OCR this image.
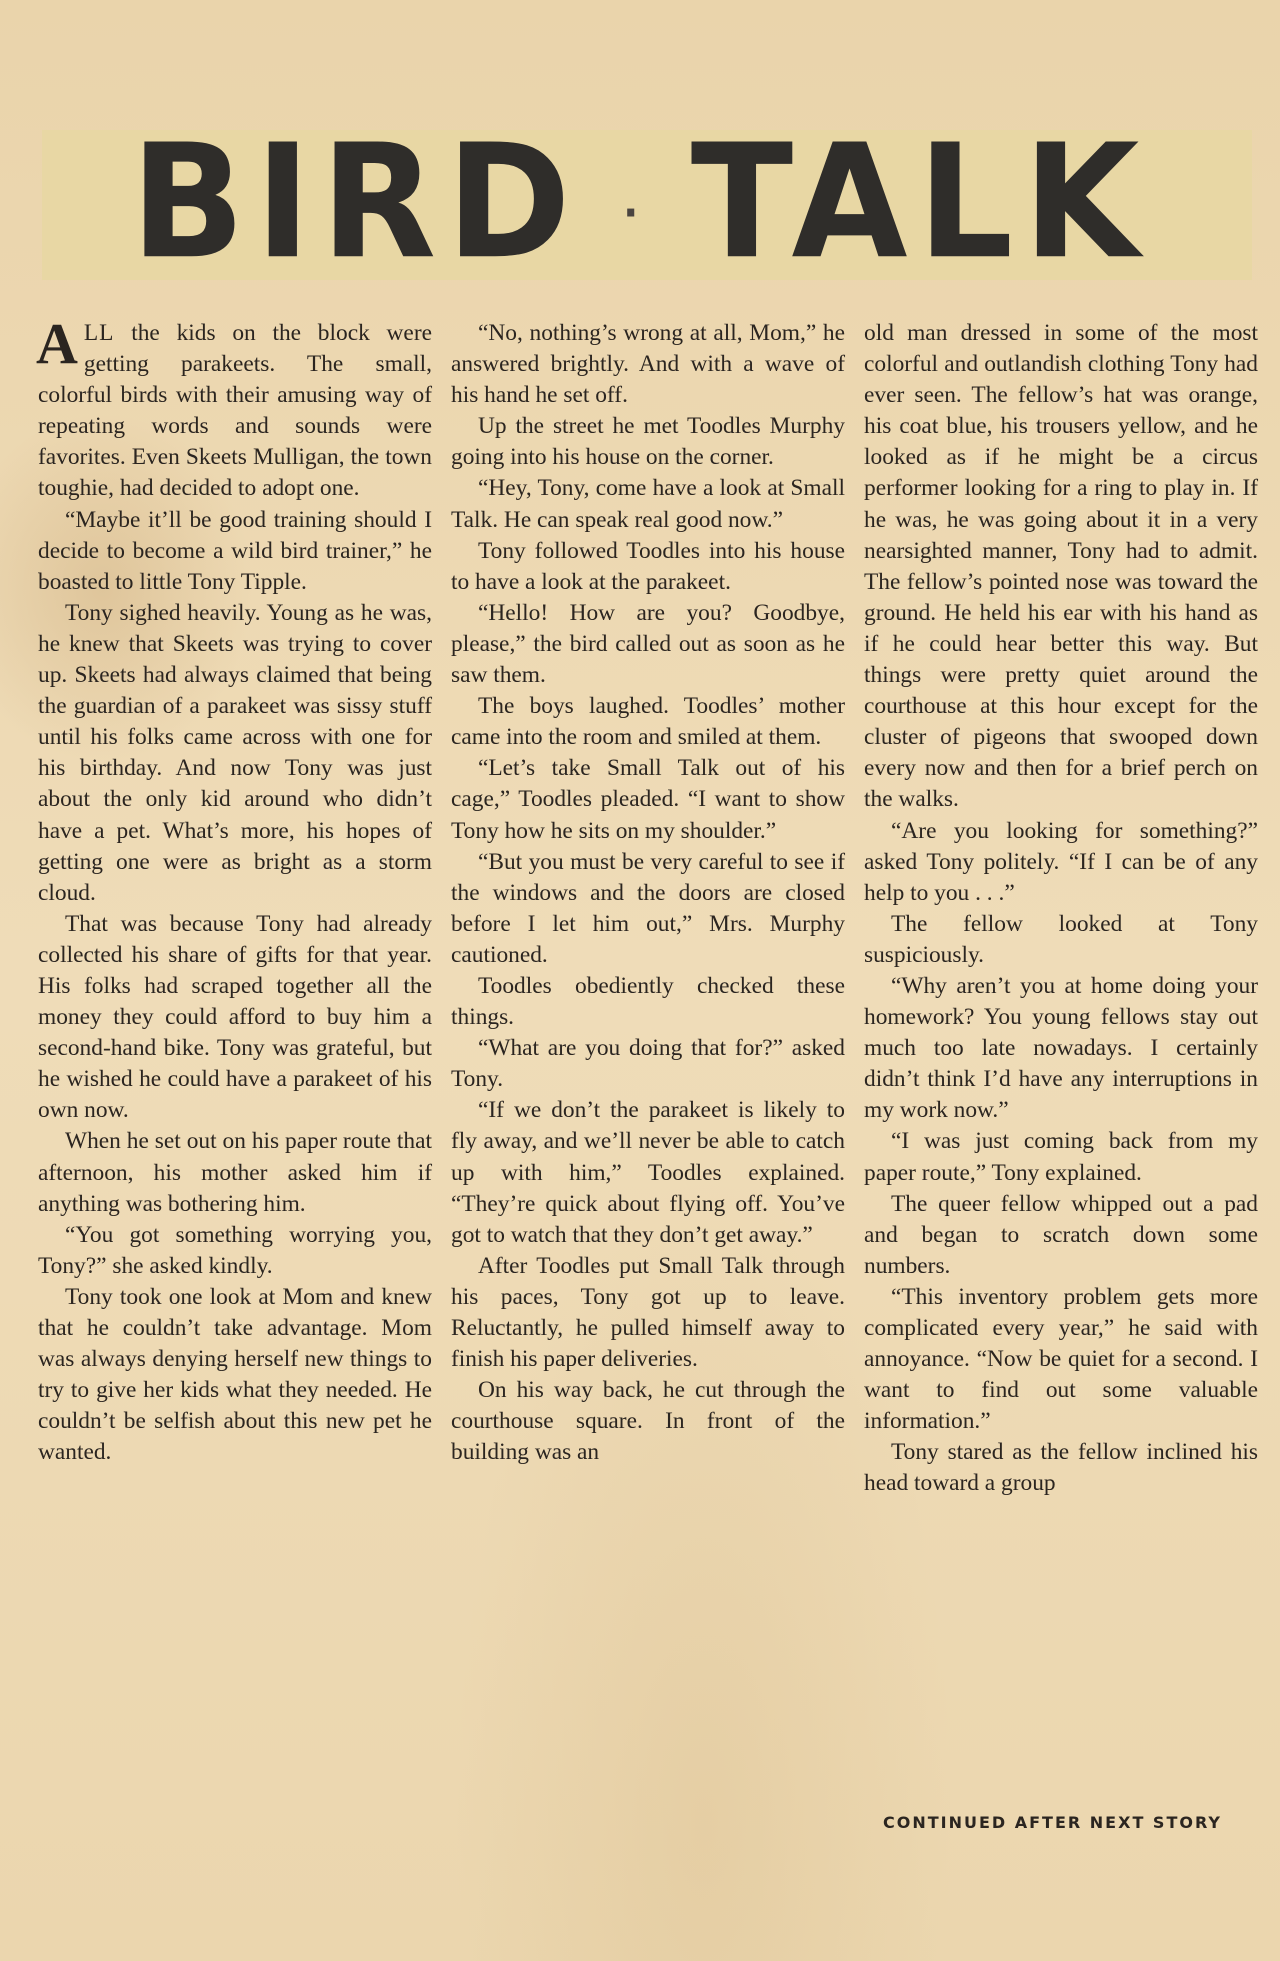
BIRD · TALK

ALL the kids on the block were getting parakeets. The small, colorful birds with their amusing way of repeating words and sounds were favorites. Even Skeets Mulligan, the town toughie, had decided to adopt one.

“Maybe it’ll be good training should I decide to become a wild bird trainer,” he boasted to little Tony Tipple.

Tony sighed heavily. Young as he was, he knew that Skeets was trying to cover up. Skeets had always claimed that being the guardian of a parakeet was sissy stuff until his folks came across with one for his birthday. And now Tony was just about the only kid around who didn’t have a pet. What’s more, his hopes of getting one were as bright as a storm cloud.

That was because Tony had already collected his share of gifts for that year. His folks had scraped together all the money they could afford to buy him a second-hand bike. Tony was grateful, but he wished he could have a parakeet of his own now.

When he set out on his paper route that afternoon, his mother asked him if anything was bothering him.

“You got something worrying you, Tony?” she asked kindly.

Tony took one look at Mom and knew that he couldn’t take advantage. Mom was always denying herself new things to try to give her kids what they needed. He couldn’t be selfish about this new pet he wanted.

“No, nothing’s wrong at all, Mom,” he answered brightly. And with a wave of his hand he set off.

Up the street he met Toodles Murphy going into his house on the corner.

“Hey, Tony, come have a look at Small Talk. He can speak real good now.”

Tony followed Toodles into his house to have a look at the parakeet.

“Hello! How are you? Goodbye, please,” the bird called out as soon as he saw them.

The boys laughed. Toodles’ mother came into the room and smiled at them.

“Let’s take Small Talk out of his cage,” Toodles pleaded. “I want to show Tony how he sits on my shoulder.”

“But you must be very careful to see if the windows and the doors are closed before I let him out,” Mrs. Murphy cautioned.

Toodles obediently checked these things.

“What are you doing that for?” asked Tony.

“If we don’t the parakeet is likely to fly away, and we’ll never be able to catch up with him,” Toodles explained. “They’re quick about flying off. You’ve got to watch that they don’t get away.”

After Toodles put Small Talk through his paces, Tony got up to leave. Reluctantly, he pulled himself away to finish his paper deliveries.

On his way back, he cut through the courthouse square. In front of the building was an

old man dressed in some of the most colorful and outlandish clothing Tony had ever seen. The fellow’s hat was orange, his coat blue, his trousers yellow, and he looked as if he might be a circus performer looking for a ring to play in. If he was, he was going about it in a very nearsighted manner, Tony had to admit. The fellow’s pointed nose was toward the ground. He held his ear with his hand as if he could hear better this way. But things were pretty quiet around the courthouse at this hour except for the cluster of pigeons that swooped down every now and then for a brief perch on the walks.

“Are you looking for something?” asked Tony politely. “If I can be of any help to you . . .”

The fellow looked at Tony suspiciously.

“Why aren’t you at home doing your homework? You young fellows stay out much too late nowadays. I certainly didn’t think I’d have any interruptions in my work now.”

“I was just coming back from my paper route,” Tony explained.

The queer fellow whipped out a pad and began to scratch down some numbers.

“This inventory problem gets more complicated every year,” he said with annoyance. “Now be quiet for a second. I want to find out some valuable information.”

Tony stared as the fellow inclined his head toward a group

CONTINUED AFTER NEXT STORY
